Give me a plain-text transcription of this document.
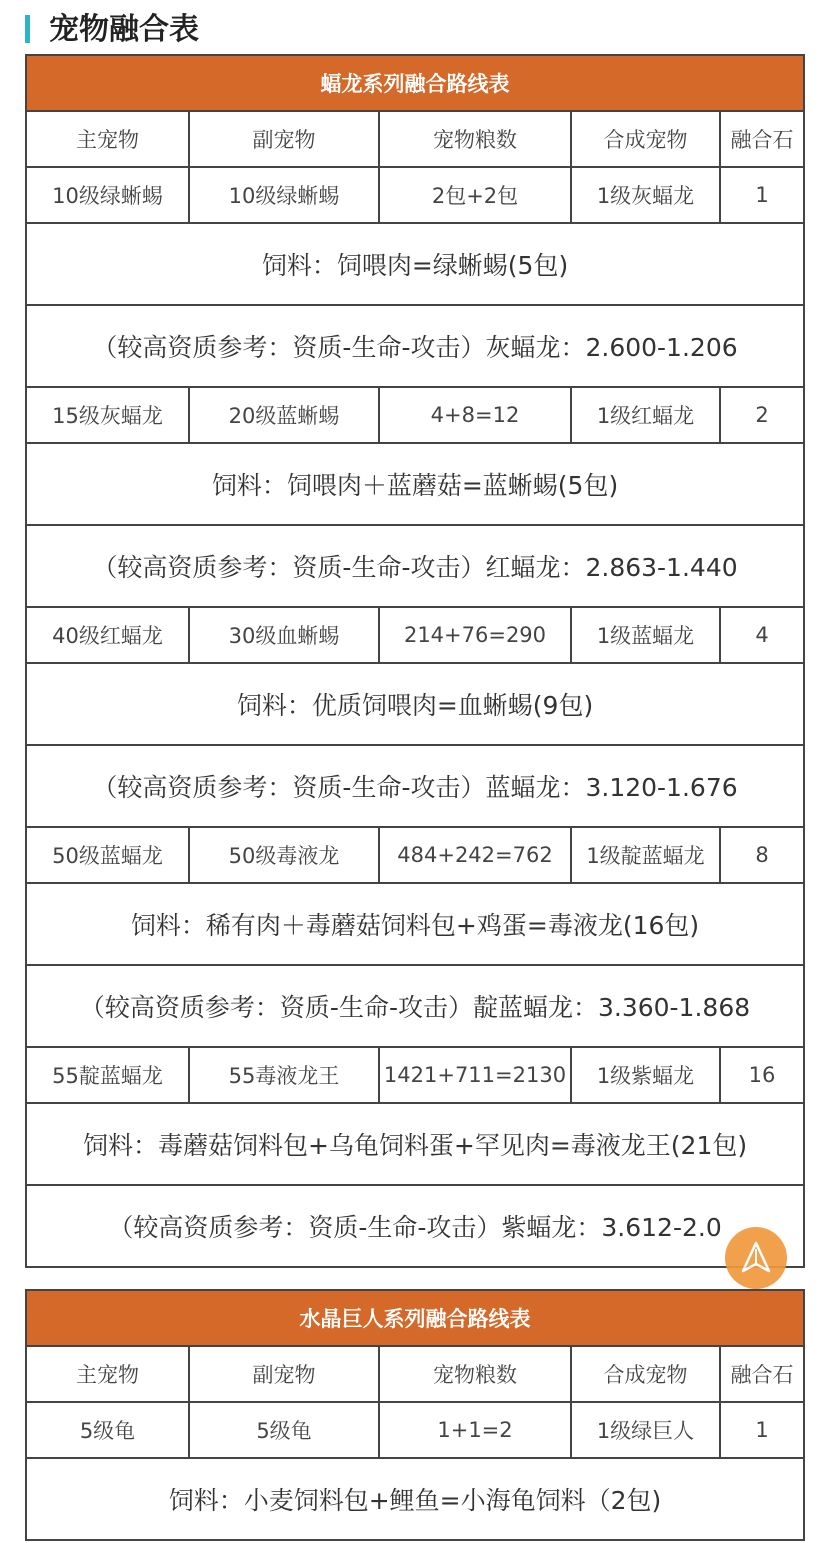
宠物融合表
蝠龙系列融合路线表				
主宠物	副宠物	宠物粮数	合成宠物	融合石
10级绿蜥蜴	10级绿蜥蜴	2包+2包	1级灰蝠龙	1
饲料：饲喂肉=绿蜥蜴(5包)				
（较高资质参考：资质-生命-攻击）灰蝠龙：2.600-1.206				
15级灰蝠龙	20级蓝蜥蜴	4+8=12	1级红蝠龙	2
饲料：饲喂肉＋蓝蘑菇=蓝蜥蜴(5包)				
（较高资质参考：资质-生命-攻击）红蝠龙：2.863-1.440				
40级红蝠龙	30级血蜥蜴	214+76=290	1级蓝蝠龙	4
饲料：优质饲喂肉=血蜥蜴(9包)				
（较高资质参考：资质-生命-攻击）蓝蝠龙：3.120-1.676				
50级蓝蝠龙	50级毒液龙	484+242=762	1级靛蓝蝠龙	8
饲料：稀有肉＋毒蘑菇饲料包+鸡蛋=毒液龙(16包)				
（较高资质参考：资质-生命-攻击）靛蓝蝠龙：3.360-1.868				
55靛蓝蝠龙	55毒液龙王	1421+711=2130	1级紫蝠龙	16
饲料：毒蘑菇饲料包+乌龟饲料蛋+罕见肉=毒液龙王(21包)				
（较高资质参考：资质-生命-攻击）紫蝠龙：3.612-2.0				
水晶巨人系列融合路线表				
主宠物	副宠物	宠物粮数	合成宠物	融合石
5级龟	5级龟	1+1=2	1级绿巨人	1
饲料：小麦饲料包+鲤鱼=小海龟饲料（2包)				
